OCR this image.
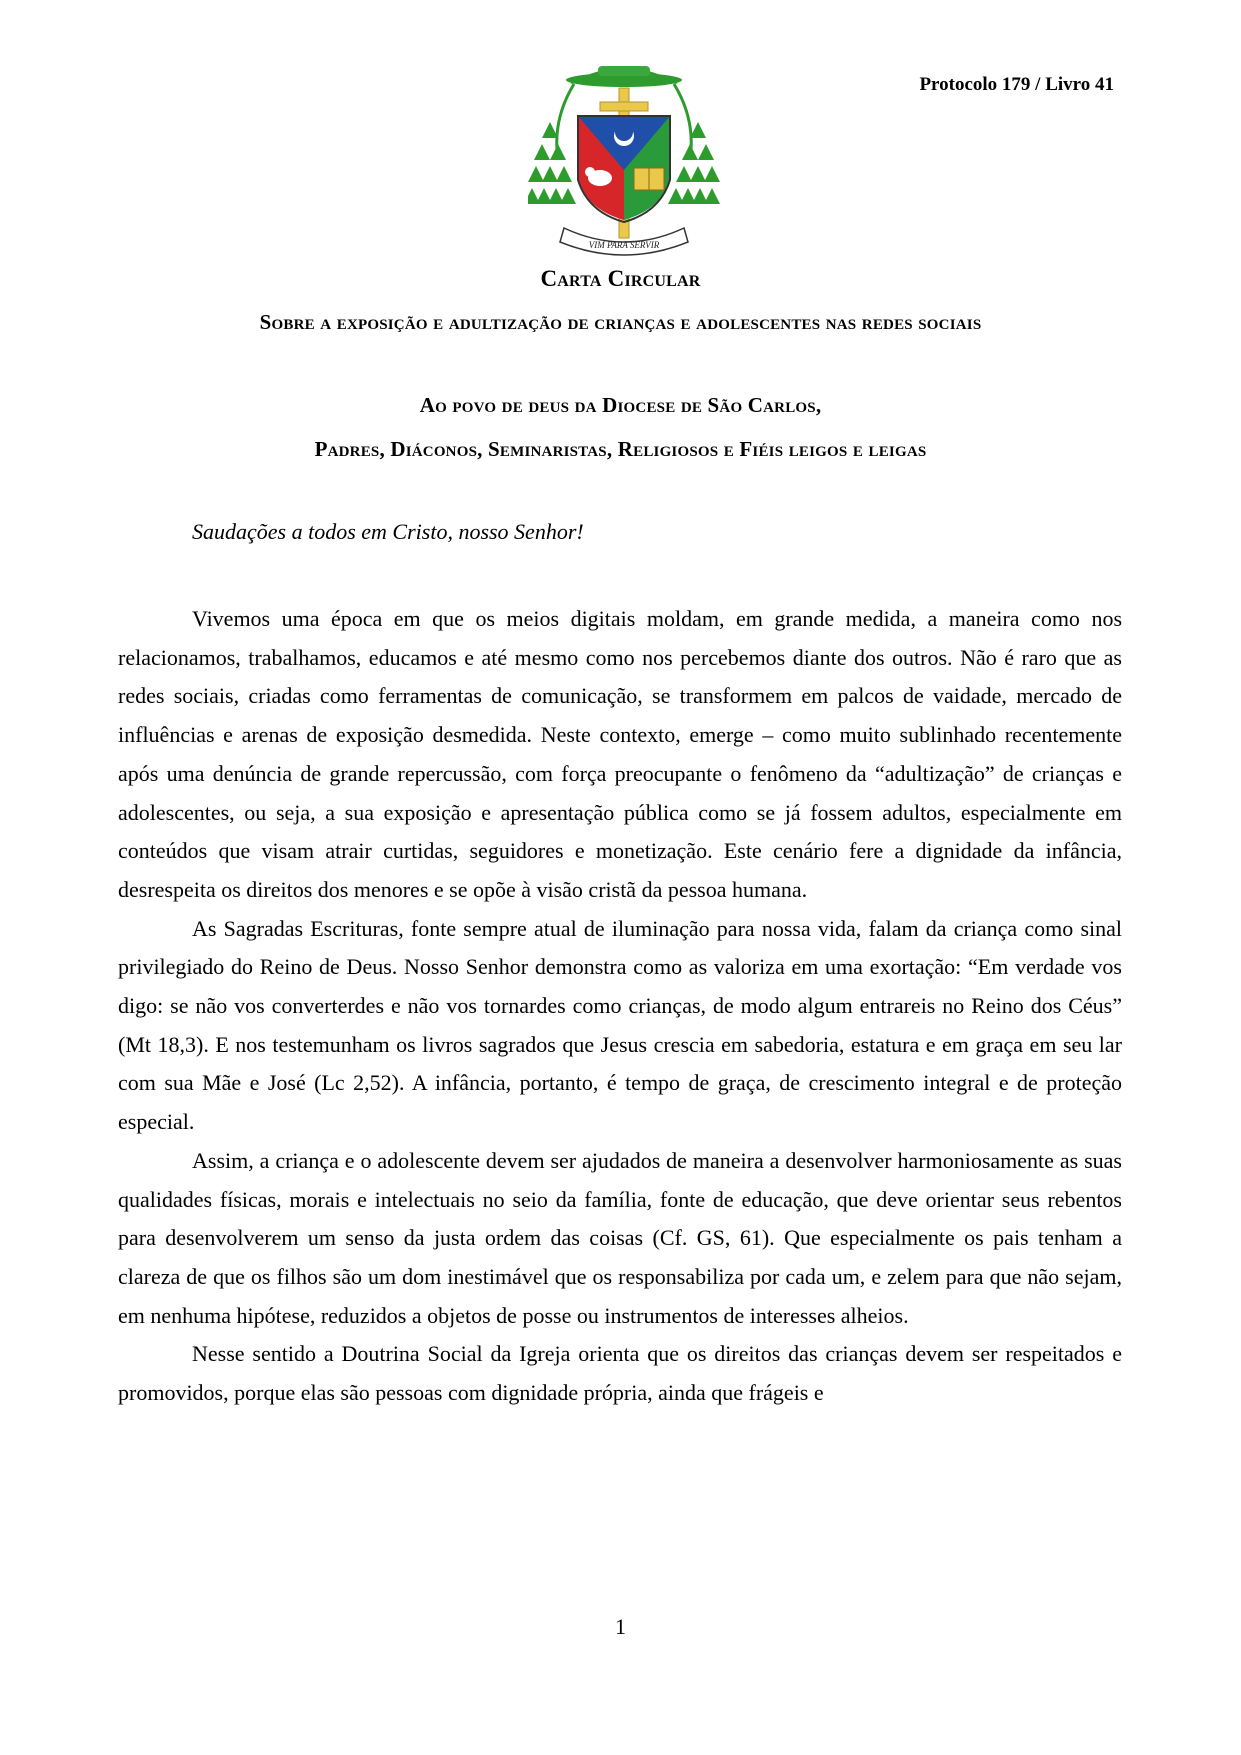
Protocolo 179 / Livro 41
VIM PARA SERVIR
Carta Circular
Sobre a exposição e adultização de crianças e adolescentes nas redes sociais
Ao povo de deus da Diocese de São Carlos,
Padres, Diáconos, Seminaristas, Religiosos e Fiéis leigos e leigas
Saudações a todos em Cristo, nosso Senhor!

Vivemos uma época em que os meios digitais moldam, em grande medida, a maneira como nos relacionamos, trabalhamos, educamos e até mesmo como nos percebemos diante dos outros. Não é raro que as redes sociais, criadas como ferramentas de comunicação, se transformem em palcos de vaidade, mercado de influências e arenas de exposição desmedida. Neste contexto, emerge – como muito sublinhado recentemente após uma denúncia de grande repercussão, com força preocupante o fenômeno da “adultização” de crianças e adolescentes, ou seja, a sua exposição e apresentação pública como se já fossem adultos, especialmente em conteúdos que visam atrair curtidas, seguidores e monetização. Este cenário fere a dignidade da infância, desrespeita os direitos dos menores e se opõe à visão cristã da pessoa humana.

As Sagradas Escrituras, fonte sempre atual de iluminação para nossa vida, falam da criança como sinal privilegiado do Reino de Deus. Nosso Senhor demonstra como as valoriza em uma exortação: “Em verdade vos digo: se não vos converterdes e não vos tornardes como crianças, de modo algum entrareis no Reino dos Céus” (Mt 18,3). E nos testemunham os livros sagrados que Jesus crescia em sabedoria, estatura e em graça em seu lar com sua Mãe e José (Lc 2,52). A infância, portanto, é tempo de graça, de crescimento integral e de proteção especial.

Assim, a criança e o adolescente devem ser ajudados de maneira a desenvolver harmoniosamente as suas qualidades físicas, morais e intelectuais no seio da família, fonte de educação, que deve orientar seus rebentos para desenvolverem um senso da justa ordem das coisas (Cf. GS, 61). Que especialmente os pais tenham a clareza de que os filhos são um dom inestimável que os responsabiliza por cada um, e zelem para que não sejam, em nenhuma hipótese, reduzidos a objetos de posse ou instrumentos de interesses alheios.

Nesse sentido a Doutrina Social da Igreja orienta que os direitos das crianças devem ser respeitados e promovidos, porque elas são pessoas com dignidade própria, ainda que frágeis e

1
